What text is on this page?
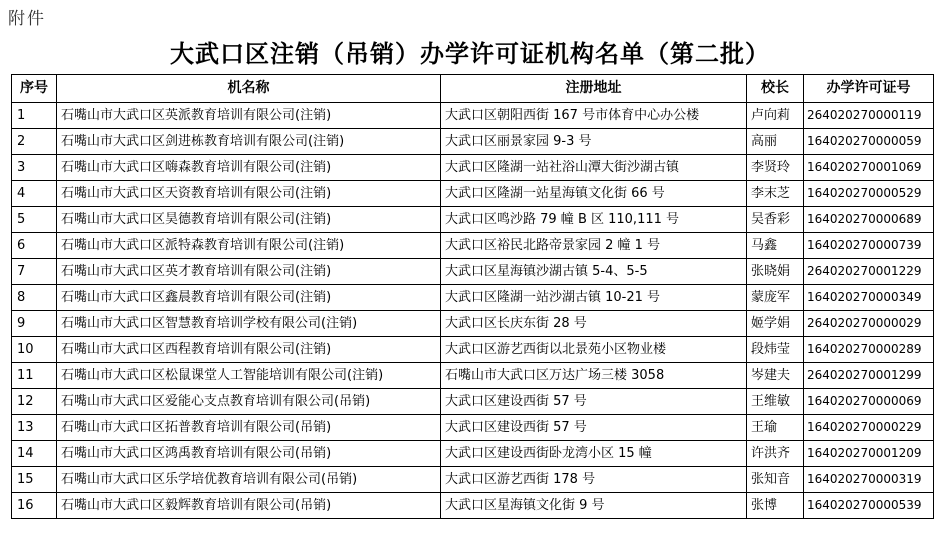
附件
大武口区注销（吊销）办学许可证机构名单（第二批）
序号	机名称	注册地址	校长	办学许可证号
1	石嘴山市大武口区英派教育培训有限公司(注销)	大武口区朝阳西街 167 号市体育中心办公楼	卢向莉	264020270000119
2	石嘴山市大武口区剑进栋教育培训有限公司(注销)	大武口区丽景家园 9-3 号	高丽	164020270000059
3	石嘴山市大武口区嗨森教育培训有限公司(注销)	大武口区隆湖一站社浴山潭大街沙湖古镇	李贤玲	164020270001069
4	石嘴山市大武口区天资教育培训有限公司(注销)	大武口区隆湖一站星海镇文化街 66 号	李末芝	164020270000529
5	石嘴山市大武口区昊德教育培训有限公司(注销)	大武口区鸣沙路 79 幢 B 区 110,111 号	吴香彩	164020270000689
6	石嘴山市大武口区派特森教育培训有限公司(注销)	大武口区裕民北路帝景家园 2 幢 1 号	马鑫	164020270000739
7	石嘴山市大武口区英才教育培训有限公司(注销)	大武口区星海镇沙湖古镇 5-4、5-5	张晓娟	264020270001229
8	石嘴山市大武口区鑫晨教育培训有限公司(注销)	大武口区隆湖一站沙湖古镇 10-21 号	蒙庞军	164020270000349
9	石嘴山市大武口区智慧教育培训学校有限公司(注销)	大武口区长庆东街 28 号	姬学娟	264020270000029
10	石嘴山市大武口区西程教育培训有限公司(注销)	大武口区游艺西街以北景苑小区物业楼	段炜莹	164020270000289
11	石嘴山市大武口区松鼠课堂人工智能培训有限公司(注销)	石嘴山市大武口区万达广场三楼 3058	岑建夫	264020270001299
12	石嘴山市大武口区爱能心支点教育培训有限公司(吊销)	大武口区建设西街 57 号	王维敏	164020270000069
13	石嘴山市大武口区拓普教育培训有限公司(吊销)	大武口区建设西街 57 号	王瑜	164020270000229
14	石嘴山市大武口区鸿禹教育培训有限公司(吊销)	大武口区建设西街卧龙湾小区 15 幢	许洪齐	164020270001209
15	石嘴山市大武口区乐学培优教育培训有限公司(吊销)	大武口区游艺西街 178 号	张知音	164020270000319
16	石嘴山市大武口区毅辉教育培训有限公司(吊销)	大武口区星海镇文化街 9 号	张博	164020270000539
